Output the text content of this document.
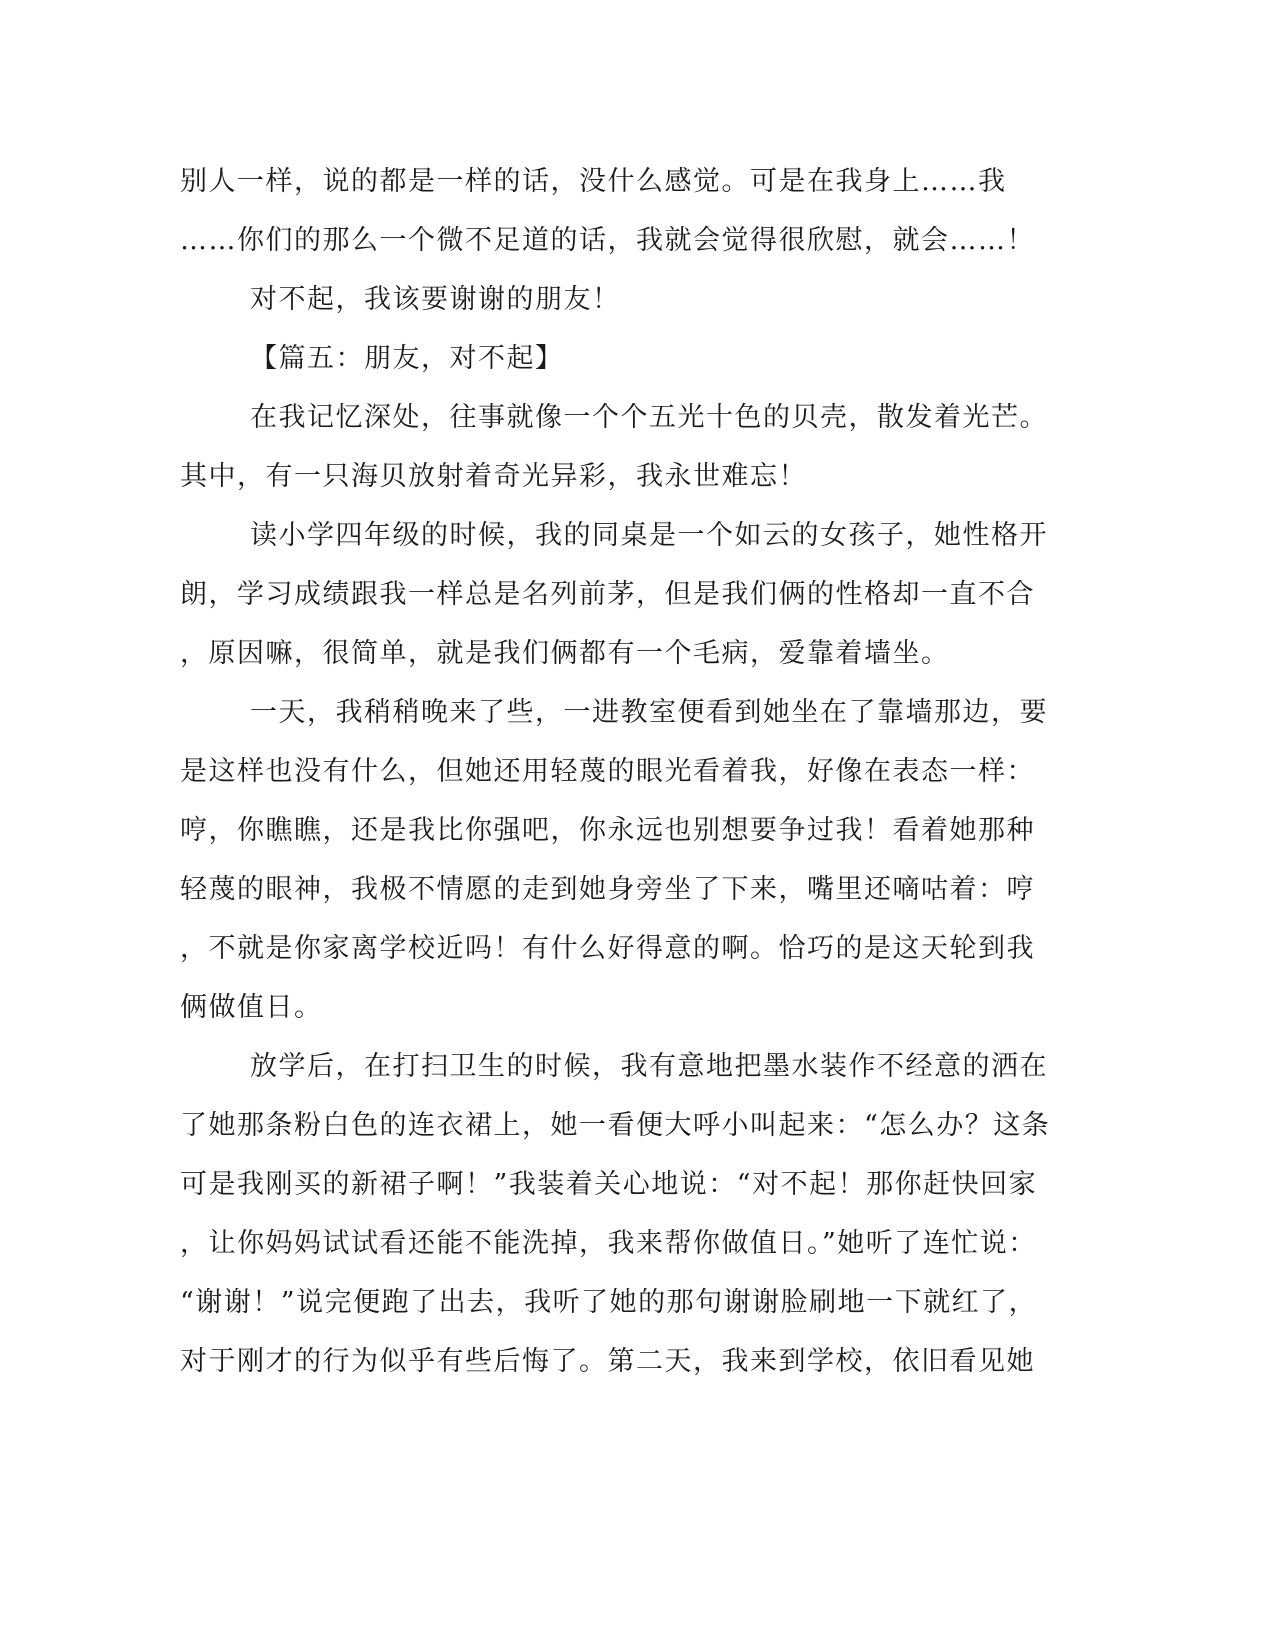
别人一样，说的都是一样的话，没什么感觉。可是在我身上……我
……你们的那么一个微不足道的话，我就会觉得很欣慰，就会……！
对不起，我该要谢谢的朋友！
【篇五：朋友，对不起】
在我记忆深处，往事就像一个个五光十色的贝壳，散发着光芒。
其中，有一只海贝放射着奇光异彩，我永世难忘！
读小学四年级的时候，我的同桌是一个如云的女孩子，她性格开
朗，学习成绩跟我一样总是名列前茅，但是我们俩的性格却一直不合
，原因嘛，很简单，就是我们俩都有一个毛病，爱靠着墙坐。
一天，我稍稍晚来了些，一进教室便看到她坐在了靠墙那边，要
是这样也没有什么，但她还用轻蔑的眼光看着我，好像在表态一样：
哼，你瞧瞧，还是我比你强吧，你永远也别想要争过我！看着她那种
轻蔑的眼神，我极不情愿的走到她身旁坐了下来，嘴里还嘀咕着：哼
，不就是你家离学校近吗！有什么好得意的啊。恰巧的是这天轮到我
俩做值日。
放学后，在打扫卫生的时候，我有意地把墨水装作不经意的洒在
了她那条粉白色的连衣裙上，她一看便大呼小叫起来：“怎么办？这条
可是我刚买的新裙子啊！”我装着关心地说：“对不起！那你赶快回家
，让你妈妈试试看还能不能洗掉，我来帮你做值日。”她听了连忙说：
“谢谢！”说完便跑了出去，我听了她的那句谢谢脸刷地一下就红了，
对于刚才的行为似乎有些后悔了。第二天，我来到学校，依旧看见她
